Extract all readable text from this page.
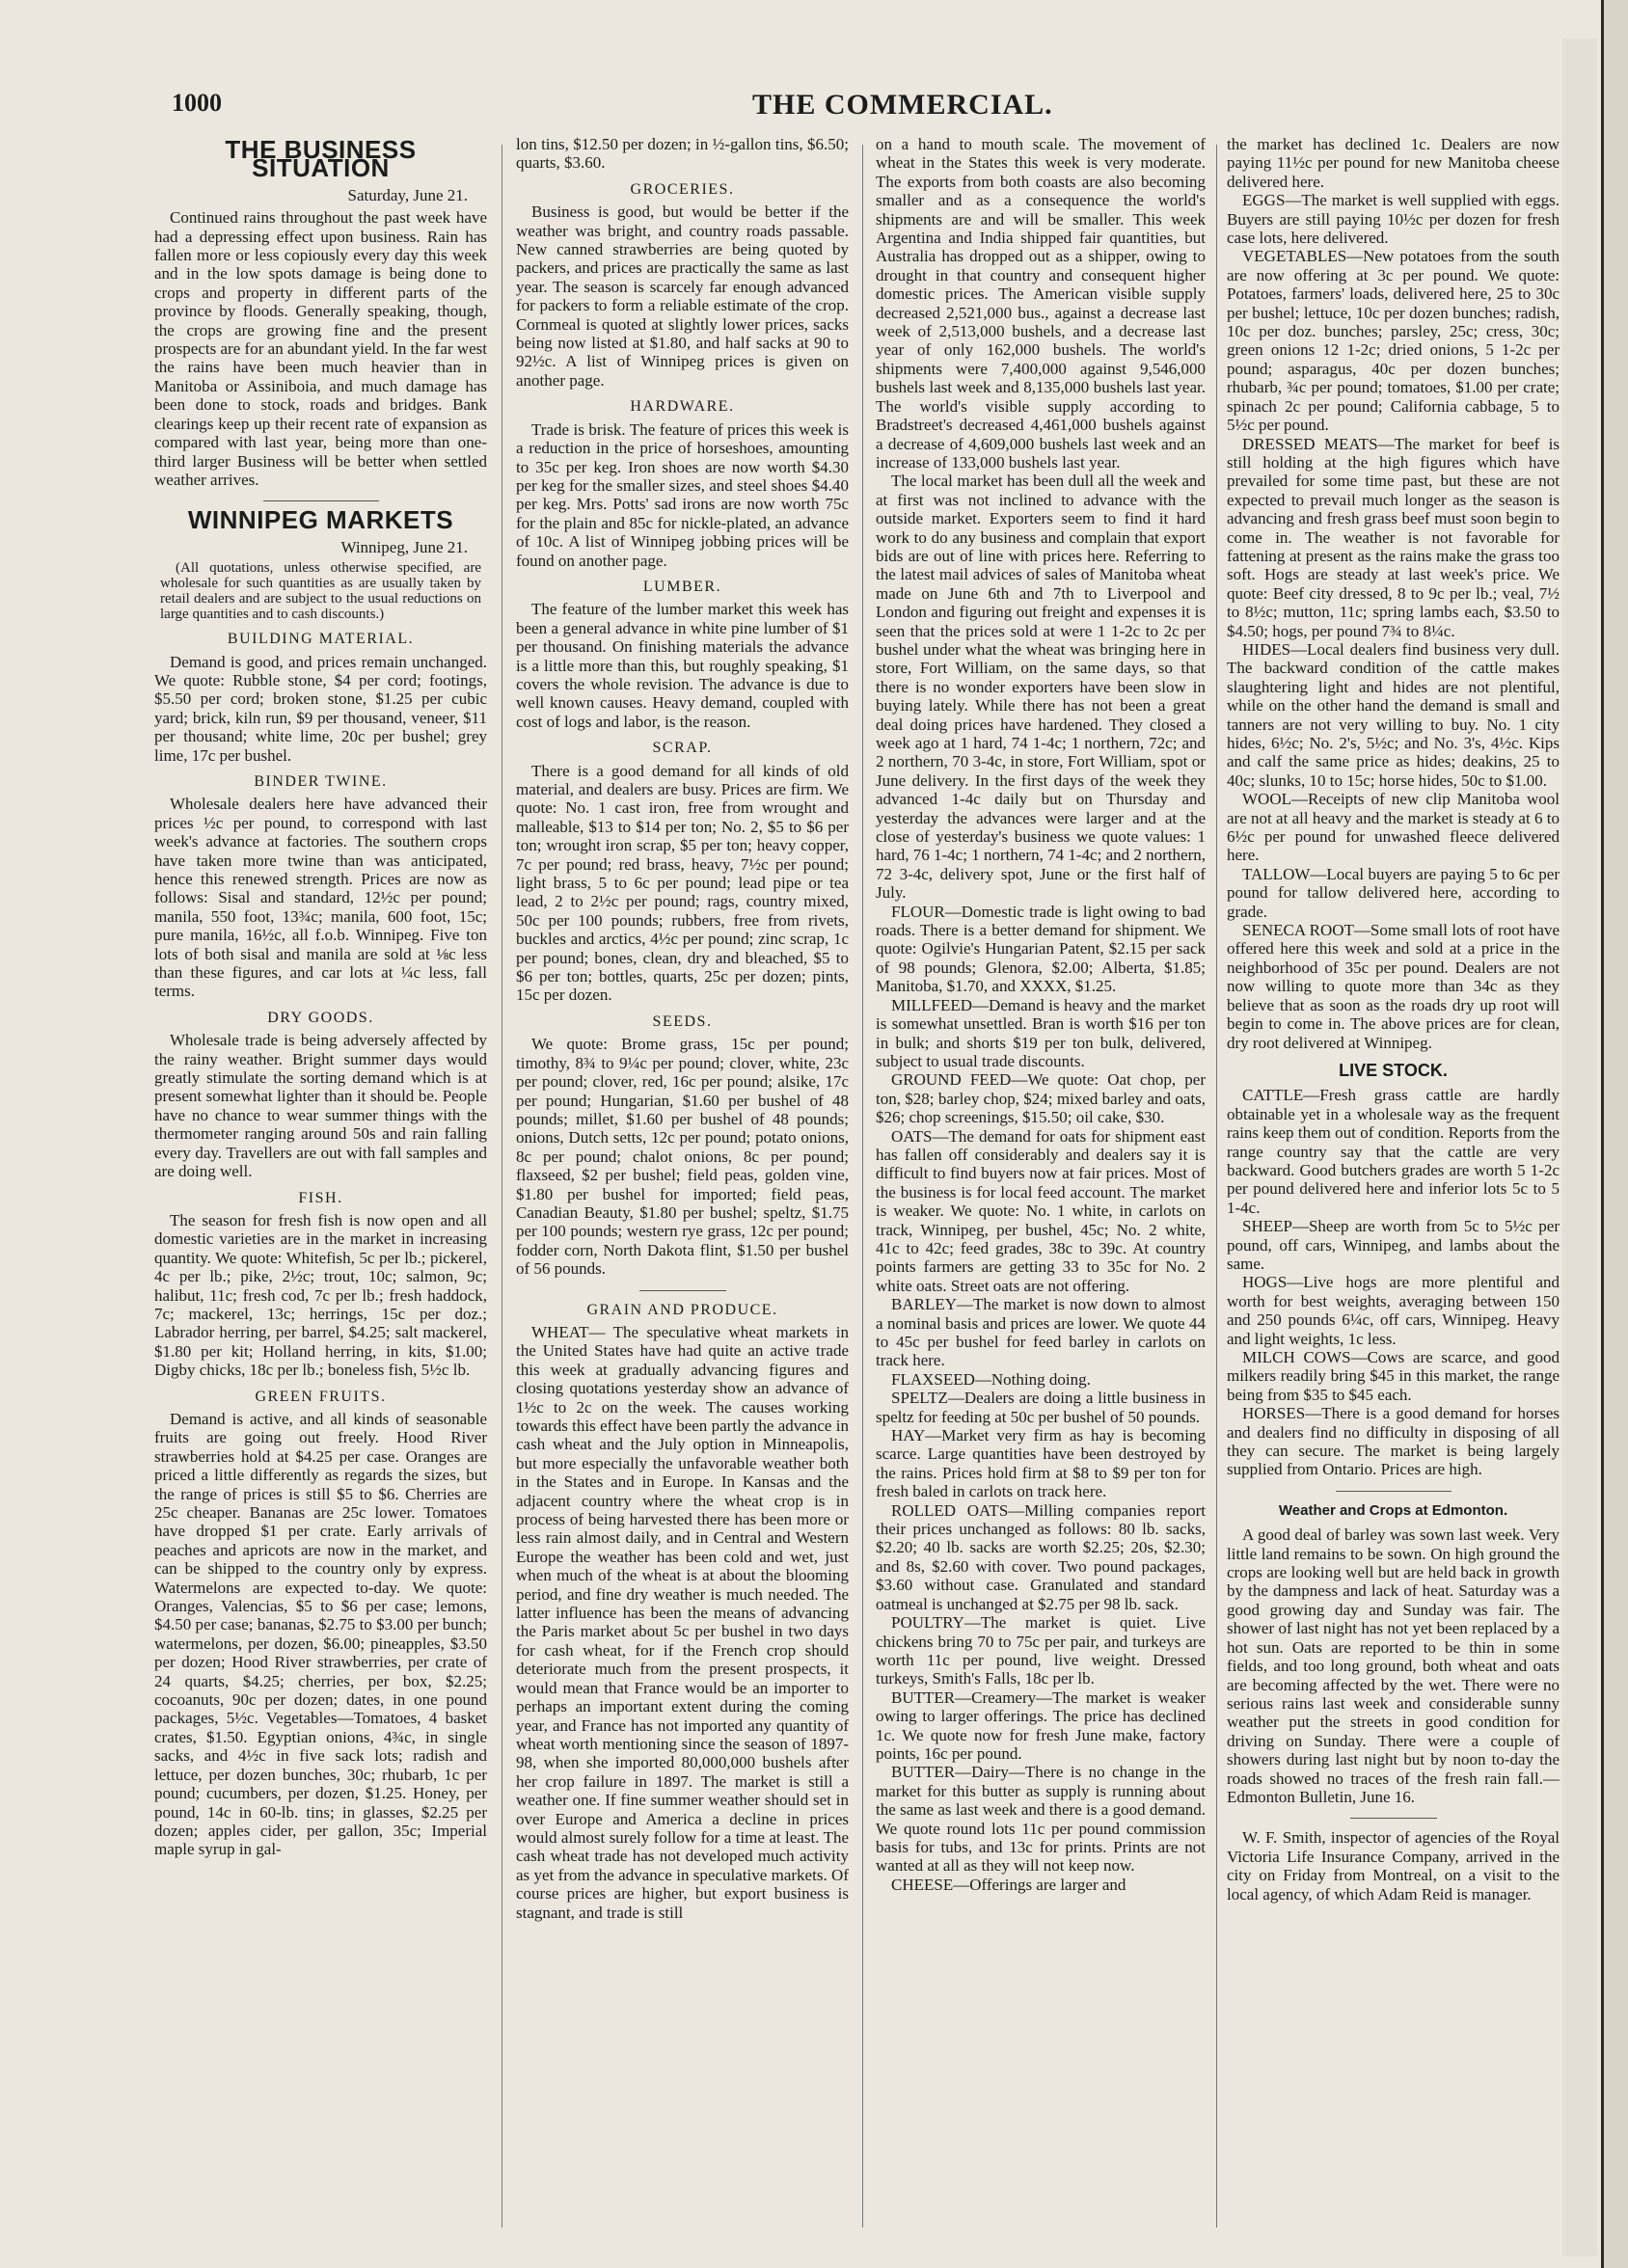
1000	THE COMMERCIAL.
THE BUSINESS SITUATION
Saturday, June 21.

Continued rains throughout the past week have had a depressing effect upon business. Rain has fallen more or less copiously every day this week and in the low spots damage is being done to crops and property in different parts of the province by floods. Generally speaking, though, the crops are growing fine and the present prospects are for an abundant yield. In the far west the rains have been much heavier than in Manitoba or Assiniboia, and much damage has been done to stock, roads and bridges. Bank clearings keep up their recent rate of expansion as compared with last year, being more than one-third larger Business will be better when settled weather arrives.

WINNIPEG MARKETS
Winnipeg, June 21.

(All quotations, unless otherwise specified, are wholesale for such quantities as are usually taken by retail dealers and are subject to the usual reductions on large quantities and to cash discounts.)

BUILDING MATERIAL.

Demand is good, and prices remain unchanged. We quote: Rubble stone, $4 per cord; footings, $5.50 per cord; broken stone, $1.25 per cubic yard; brick, kiln run, $9 per thousand, veneer, $11 per thousand; white lime, 20c per bushel; grey lime, 17c per bushel.

BINDER TWINE.

Wholesale dealers here have advanced their prices ½c per pound, to correspond with last week's advance at factories. The southern crops have taken more twine than was anticipated, hence this renewed strength. Prices are now as follows: Sisal and standard, 12½c per pound; manila, 550 foot, 13¾c; manila, 600 foot, 15c; pure manila, 16½c, all f.o.b. Winnipeg. Five ton lots of both sisal and manila are sold at ⅛c less than these figures, and car lots at ¼c less, fall terms.

DRY GOODS.

Wholesale trade is being adversely affected by the rainy weather. Bright summer days would greatly stimulate the sorting demand which is at present somewhat lighter than it should be. People have no chance to wear summer things with the thermometer ranging around 50s and rain falling every day. Travellers are out with fall samples and are doing well.

FISH.

The season for fresh fish is now open and all domestic varieties are in the market in increasing quantity. We quote: Whitefish, 5c per lb.; pickerel, 4c per lb.; pike, 2½c; trout, 10c; salmon, 9c; halibut, 11c; fresh cod, 7c per lb.; fresh haddock, 7c; mackerel, 13c; herrings, 15c per doz.; Labrador herring, per barrel, $4.25; salt mackerel, $1.80 per kit; Holland herring, in kits, $1.00; Digby chicks, 18c per lb.; boneless fish, 5½c lb.

GREEN FRUITS.

Demand is active, and all kinds of seasonable fruits are going out freely. Hood River strawberries hold at $4.25 per case. Oranges are priced a little differently as regards the sizes, but the range of prices is still $5 to $6. Cherries are 25c cheaper. Bananas are 25c lower. Tomatoes have dropped $1 per crate. Early arrivals of peaches and apricots are now in the market, and can be shipped to the country only by express. Watermelons are expected to-day. We quote: Oranges, Valencias, $5 to $6 per case; lemons, $4.50 per case; bananas, $2.75 to $3.00 per bunch; watermelons, per dozen, $6.00; pineapples, $3.50 per dozen; Hood River strawberries, per crate of 24 quarts, $4.25; cherries, per box, $2.25; cocoanuts, 90c per dozen; dates, in one pound packages, 5½c. Vegetables—Tomatoes, 4 basket crates, $1.50. Egyptian onions, 4¾c, in single sacks, and 4½c in five sack lots; radish and lettuce, per dozen bunches, 30c; rhubarb, 1c per pound; cucumbers, per dozen, $1.25. Honey, per pound, 14c in 60-lb. tins; in glasses, $2.25 per dozen; apples cider, per gallon, 35c; Imperial maple syrup in gal-

lon tins, $12.50 per dozen; in ½-gallon tins, $6.50; quarts, $3.60.

GROCERIES.

Business is good, but would be better if the weather was bright, and country roads passable. New canned strawberries are being quoted by packers, and prices are practically the same as last year. The season is scarcely far enough advanced for packers to form a reliable estimate of the crop. Cornmeal is quoted at slightly lower prices, sacks being now listed at $1.80, and half sacks at 90 to 92½c. A list of Winnipeg prices is given on another page.

HARDWARE.

Trade is brisk. The feature of prices this week is a reduction in the price of horseshoes, amounting to 35c per keg. Iron shoes are now worth $4.30 per keg for the smaller sizes, and steel shoes $4.40 per keg. Mrs. Potts' sad irons are now worth 75c for the plain and 85c for nickle-plated, an advance of 10c. A list of Winnipeg jobbing prices will be found on another page.

LUMBER.

The feature of the lumber market this week has been a general advance in white pine lumber of $1 per thousand. On finishing materials the advance is a little more than this, but roughly speaking, $1 covers the whole revision. The advance is due to well known causes. Heavy demand, coupled with cost of logs and labor, is the reason.

SCRAP.

There is a good demand for all kinds of old material, and dealers are busy. Prices are firm. We quote: No. 1 cast iron, free from wrought and malleable, $13 to $14 per ton; No. 2, $5 to $6 per ton; wrought iron scrap, $5 per ton; heavy copper, 7c per pound; red brass, heavy, 7½c per pound; light brass, 5 to 6c per pound; lead pipe or tea lead, 2 to 2½c per pound; rags, country mixed, 50c per 100 pounds; rubbers, free from rivets, buckles and arctics, 4½c per pound; zinc scrap, 1c per pound; bones, clean, dry and bleached, $5 to $6 per ton; bottles, quarts, 25c per dozen; pints, 15c per dozen.

SEEDS.

We quote: Brome grass, 15c per pound; timothy, 8¾ to 9¼c per pound; clover, white, 23c per pound; clover, red, 16c per pound; alsike, 17c per pound; Hungarian, $1.60 per bushel of 48 pounds; millet, $1.60 per bushel of 48 pounds; onions, Dutch setts, 12c per pound; potato onions, 8c per pound; chalot onions, 8c per pound; flaxseed, $2 per bushel; field peas, golden vine, $1.80 per bushel for imported; field peas, Canadian Beauty, $1.80 per bushel; speltz, $1.75 per 100 pounds; western rye grass, 12c per pound; fodder corn, North Dakota flint, $1.50 per bushel of 56 pounds.

GRAIN AND PRODUCE.

WHEAT— The speculative wheat markets in the United States have had quite an active trade this week at gradually advancing figures and closing quotations yesterday show an advance of 1½c to 2c on the week. The causes working towards this effect have been partly the advance in cash wheat and the July option in Minneapolis, but more especially the unfavorable weather both in the States and in Europe. In Kansas and the adjacent country where the wheat crop is in process of being harvested there has been more or less rain almost daily, and in Central and Western Europe the weather has been cold and wet, just when much of the wheat is at about the blooming period, and fine dry weather is much needed. The latter influence has been the means of advancing the Paris market about 5c per bushel in two days for cash wheat, for if the French crop should deteriorate much from the present prospects, it would mean that France would be an importer to perhaps an important extent during the coming year, and France has not imported any quantity of wheat worth mentioning since the season of 1897-98, when she imported 80,000,000 bushels after her crop failure in 1897. The market is still a weather one. If fine summer weather should set in over Europe and America a decline in prices would almost surely follow for a time at least. The cash wheat trade has not developed much activity as yet from the advance in speculative markets. Of course prices are higher, but export business is stagnant, and trade is still

on a hand to mouth scale. The movement of wheat in the States this week is very moderate. The exports from both coasts are also becoming smaller and as a consequence the world's shipments are and will be smaller. This week Argentina and India shipped fair quantities, but Australia has dropped out as a shipper, owing to drought in that country and consequent higher domestic prices. The American visible supply decreased 2,521,000 bus., against a decrease last week of 2,513,000 bushels, and a decrease last year of only 162,000 bushels. The world's shipments were 7,400,000 against 9,546,000 bushels last week and 8,135,000 bushels last year. The world's visible supply according to Bradstreet's decreased 4,461,000 bushels against a decrease of 4,609,000 bushels last week and an increase of 133,000 bushels last year.

The local market has been dull all the week and at first was not inclined to advance with the outside market. Exporters seem to find it hard work to do any business and complain that export bids are out of line with prices here. Referring to the latest mail advices of sales of Manitoba wheat made on June 6th and 7th to Liverpool and London and figuring out freight and expenses it is seen that the prices sold at were 1 1-2c to 2c per bushel under what the wheat was bringing here in store, Fort William, on the same days, so that there is no wonder exporters have been slow in buying lately. While there has not been a great deal doing prices have hardened. They closed a week ago at 1 hard, 74 1-4c; 1 northern, 72c; and 2 northern, 70 3-4c, in store, Fort William, spot or June delivery. In the first days of the week they advanced 1-4c daily but on Thursday and yesterday the advances were larger and at the close of yesterday's business we quote values: 1 hard, 76 1-4c; 1 northern, 74 1-4c; and 2 northern, 72 3-4c, delivery spot, June or the first half of July.

FLOUR—Domestic trade is light owing to bad roads. There is a better demand for shipment. We quote: Ogilvie's Hungarian Patent, $2.15 per sack of 98 pounds; Glenora, $2.00; Alberta, $1.85; Manitoba, $1.70, and XXXX, $1.25.

MILLFEED—Demand is heavy and the market is somewhat unsettled. Bran is worth $16 per ton in bulk; and shorts $19 per ton bulk, delivered, subject to usual trade discounts.

GROUND FEED—We quote: Oat chop, per ton, $28; barley chop, $24; mixed barley and oats, $26; chop screenings, $15.50; oil cake, $30.

OATS—The demand for oats for shipment east has fallen off considerably and dealers say it is difficult to find buyers now at fair prices. Most of the business is for local feed account. The market is weaker. We quote: No. 1 white, in carlots on track, Winnipeg, per bushel, 45c; No. 2 white, 41c to 42c; feed grades, 38c to 39c. At country points farmers are getting 33 to 35c for No. 2 white oats. Street oats are not offering.

BARLEY—The market is now down to almost a nominal basis and prices are lower. We quote 44 to 45c per bushel for feed barley in carlots on track here.

FLAXSEED—Nothing doing.

SPELTZ—Dealers are doing a little business in speltz for feeding at 50c per bushel of 50 pounds.

HAY—Market very firm as hay is becoming scarce. Large quantities have been destroyed by the rains. Prices hold firm at $8 to $9 per ton for fresh baled in carlots on track here.

ROLLED OATS—Milling companies report their prices unchanged as follows: 80 lb. sacks, $2.20; 40 lb. sacks are worth $2.25; 20s, $2.30; and 8s, $2.60 with cover. Two pound packages, $3.60 without case. Granulated and standard oatmeal is unchanged at $2.75 per 98 lb. sack.

POULTRY—The market is quiet. Live chickens bring 70 to 75c per pair, and turkeys are worth 11c per pound, live weight. Dressed turkeys, Smith's Falls, 18c per lb.

BUTTER—Creamery—The market is weaker owing to larger offerings. The price has declined 1c. We quote now for fresh June make, factory points, 16c per pound.

BUTTER—Dairy—There is no change in the market for this butter as supply is running about the same as last week and there is a good demand. We quote round lots 11c per pound commission basis for tubs, and 13c for prints. Prints are not wanted at all as they will not keep now.

CHEESE—Offerings are larger and

the market has declined 1c. Dealers are now paying 11½c per pound for new Manitoba cheese delivered here.

EGGS—The market is well supplied with eggs. Buyers are still paying 10½c per dozen for fresh case lots, here delivered.

VEGETABLES—New potatoes from the south are now offering at 3c per pound. We quote: Potatoes, farmers' loads, delivered here, 25 to 30c per bushel; lettuce, 10c per dozen bunches; radish, 10c per doz. bunches; parsley, 25c; cress, 30c; green onions 12 1-2c; dried onions, 5 1-2c per pound; asparagus, 40c per dozen bunches; rhubarb, ¾c per pound; tomatoes, $1.00 per crate; spinach 2c per pound; California cabbage, 5 to 5½c per pound.

DRESSED MEATS—The market for beef is still holding at the high figures which have prevailed for some time past, but these are not expected to prevail much longer as the season is advancing and fresh grass beef must soon begin to come in. The weather is not favorable for fattening at present as the rains make the grass too soft. Hogs are steady at last week's price. We quote: Beef city dressed, 8 to 9c per lb.; veal, 7½ to 8½c; mutton, 11c; spring lambs each, $3.50 to $4.50; hogs, per pound 7¾ to 8¼c.

HIDES—Local dealers find business very dull. The backward condition of the cattle makes slaughtering light and hides are not plentiful, while on the other hand the demand is small and tanners are not very willing to buy. No. 1 city hides, 6½c; No. 2's, 5½c; and No. 3's, 4½c. Kips and calf the same price as hides; deakins, 25 to 40c; slunks, 10 to 15c; horse hides, 50c to $1.00.

WOOL—Receipts of new clip Manitoba wool are not at all heavy and the market is steady at 6 to 6½c per pound for unwashed fleece delivered here.

TALLOW—Local buyers are paying 5 to 6c per pound for tallow delivered here, according to grade.

SENECA ROOT—Some small lots of root have offered here this week and sold at a price in the neighborhood of 35c per pound. Dealers are not now willing to quote more than 34c as they believe that as soon as the roads dry up root will begin to come in. The above prices are for clean, dry root delivered at Winnipeg.

LIVE STOCK.

CATTLE—Fresh grass cattle are hardly obtainable yet in a wholesale way as the frequent rains keep them out of condition. Reports from the range country say that the cattle are very backward. Good butchers grades are worth 5 1-2c per pound delivered here and inferior lots 5c to 5 1-4c.

SHEEP—Sheep are worth from 5c to 5½c per pound, off cars, Winnipeg, and lambs about the same.

HOGS—Live hogs are more plentiful and worth for best weights, averaging between 150 and 250 pounds 6¼c, off cars, Winnipeg. Heavy and light weights, 1c less.

MILCH COWS—Cows are scarce, and good milkers readily bring $45 in this market, the range being from $35 to $45 each.

HORSES—There is a good demand for horses and dealers find no difficulty in disposing of all they can secure. The market is being largely supplied from Ontario. Prices are high.

Weather and Crops at Edmonton.

A good deal of barley was sown last week. Very little land remains to be sown. On high ground the crops are looking well but are held back in growth by the dampness and lack of heat. Saturday was a good growing day and Sunday was fair. The shower of last night has not yet been replaced by a hot sun. Oats are reported to be thin in some fields, and too long ground, both wheat and oats are becoming affected by the wet. There were no serious rains last week and considerable sunny weather put the streets in good condition for driving on Sunday. There were a couple of showers during last night but by noon to-day the roads showed no traces of the fresh rain fall.—Edmonton Bulletin, June 16.

W. F. Smith, inspector of agencies of the Royal Victoria Life Insurance Company, arrived in the city on Friday from Montreal, on a visit to the local agency, of which Adam Reid is manager.
